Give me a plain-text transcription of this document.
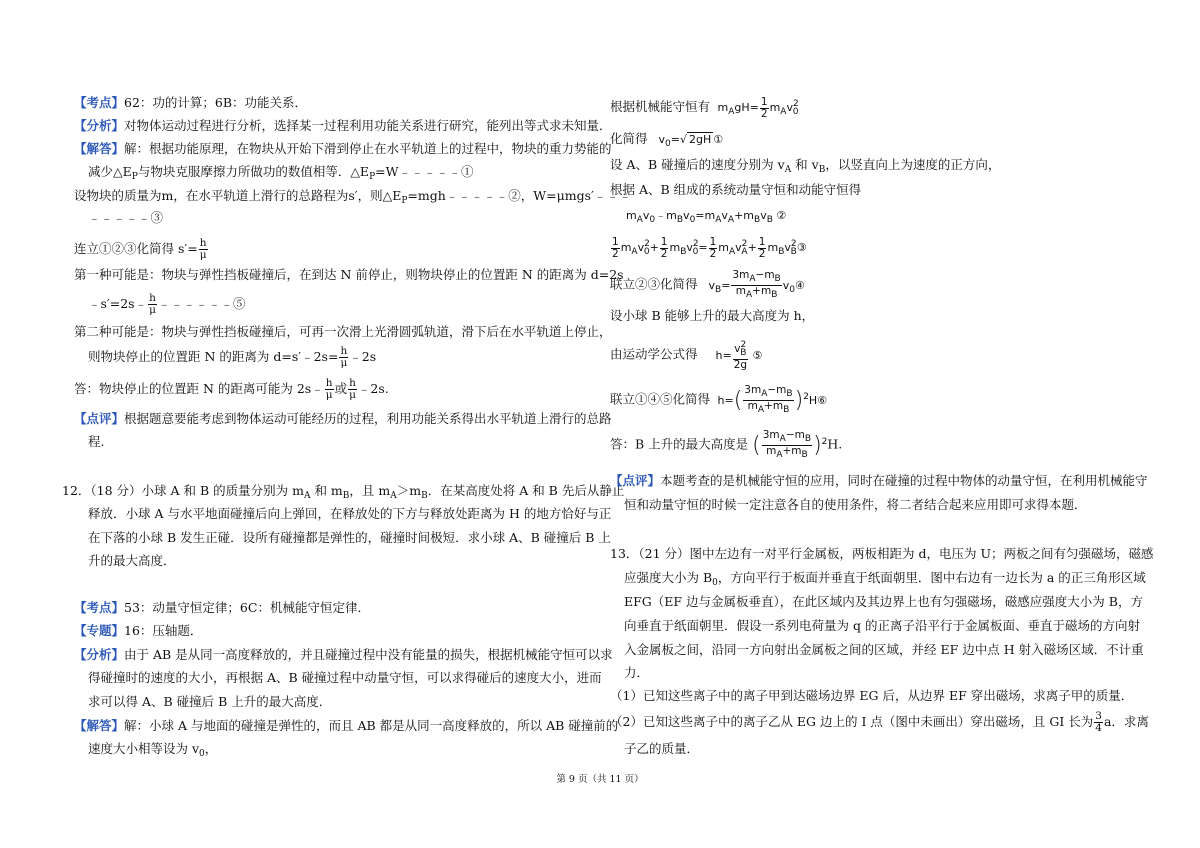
【考点】62：功的计算；6B：功能关系．
【分析】对物体运动过程进行分析，选择某一过程利用功能关系进行研究，能列出等式求未知量．
【解答】解：根据功能原理，在物块从开始下滑到停止在水平轨道上的过程中，物块的重力势能的
减少$\triangle E_P$与物块克服摩擦力所做功的数值相等．$\triangle E_P=W﹣﹣﹣﹣﹣①$
设物块的质量为m，在水平轨道上滑行的总路程为s′，则$\triangle E_P=mgh﹣﹣﹣﹣﹣②$，W=μmgs′﹣﹣﹣
﹣﹣﹣﹣﹣③
连立①②③化简得 $s'= \frac{h}{\mu}$
第一种可能是：物块与弹性挡板碰撞后，在到达 N 前停止，则物块停止的位置距 N 的距离为 d=2s
﹣s′=2s﹣ $\frac{h}{\mu}$ ﹣﹣﹣﹣﹣﹣⑤
第二种可能是：物块与弹性挡板碰撞后，可再一次滑上光滑圆弧轨道，滑下后在水平轨道上停止，
则物块停止的位置距 N 的距离为 d=s′﹣2s= $\frac{h}{\mu}$ ﹣2s
答：物块停止的位置距 N 的距离可能为 2s﹣ $\frac{h}{\mu}$ 或 $\frac{h}{\mu}$ ﹣2s.
【点评】根据题意要能考虑到物体运动可能经历的过程，利用功能关系得出水平轨道上滑行的总路
程.
12．（18 分）小球 A 和 B 的质量分别为 $m_A$ 和 $m_B$，且 $m_A>m_B$．在某高度处将 A 和 B 先后从静止
释放．小球 A 与水平地面碰撞后向上弹回，在释放处的下方与释放处距离为 H 的地方恰好与正
在下落的小球 B 发生正碰．设所有碰撞都是弹性的，碰撞时间极短．求小球 A、B 碰撞后 B 上
升的最大高度．
【考点】53：动量守恒定律；6C：机械能守恒定律．
【专题】16：压轴题．
【分析】由于 AB 是从同一高度释放的，并且碰撞过程中没有能量的损失，根据机械能守恒可以求
得碰撞时的速度的大小，再根据 A、B 碰撞过程中动量守恒，可以求得碰后的速度大小，进而
求可以得 A、B 碰撞后 B 上升的最大高度．
【解答】解：小球 A 与地面的碰撞是弹性的，而且 AB 都是从同一高度释放的，所以 AB 碰撞前的
速度大小相等设为 $v_0$，
根据机械能守恒有  $m_AgH= \frac{1}{2} m_Av^2_0$
化简得   $v_0=√$ 2gH ①
设 A、B 碰撞后的速度分别为 $v_A$ 和 $v_B$，以竖直向上为速度的正方向，
根据 A、B 组成的系统动量守恒和动能守恒得
$m_Av_0﹣m_Bv_0=m_Av_A+m_Bv_B$ ②
$\frac{1}{2} m_Av^2_0+ \frac{1}{2} m_Bv^2_0= \frac{1}{2} m_Av^2_A+ \frac{1}{2}$ $m_Bv^2_B③$
联立②③化简得   $v_B= \frac{3mA-mB}{mA+mB}$ $v_0④$
设小球 B 能够上升的最大高度为 h，
由运动学公式得     $h= \frac{v2B}{2g}$ ⑤
联立①④⑤化简得  $h=( \frac{3mA-mB}{mA+mB}$ )$^2H⑥$
答：B 上升的最大高度是 ( $\frac{3mA-mB}{mA+mB} )^2H$.
【点评】本题考查的是机械能守恒的应用，同时在碰撞的过程中物体的动量守恒，在利用机械能守
恒和动量守恒的时候一定注意各自的使用条件，将二者结合起来应用即可求得本题．
13．（21 分）图中左边有一对平行金属板，两板相距为 d，电压为 U；两板之间有匀强磁场，磁感
应强度大小为 $B_0$，方向平行于板面并垂直于纸面朝里．图中右边有一边长为 a 的正三角形区域
EFG（EF 边与金属板垂直），在此区域内及其边界上也有匀强磁场，磁感应强度大小为 B，方
向垂直于纸面朝里．假设一系列电荷量为 q 的正离子沿平行于金属板面、垂直于磁场的方向射
入金属板之间，沿同一方向射出金属板之间的区域，并经 EF 边中点 H 射入磁场区域．不计重
力．
（1）已知这些离子中的离子甲到达磁场边界 EG 后，从边界 EF 穿出磁场，求离子甲的质量．
（2）已知这些离子中的离子乙从 EG 边上的 I 点（图中未画出）穿出磁场，且 GI 长为 $\frac{3}{4}$ a．求离
子乙的质量．
第 9 页（共 11 页）
